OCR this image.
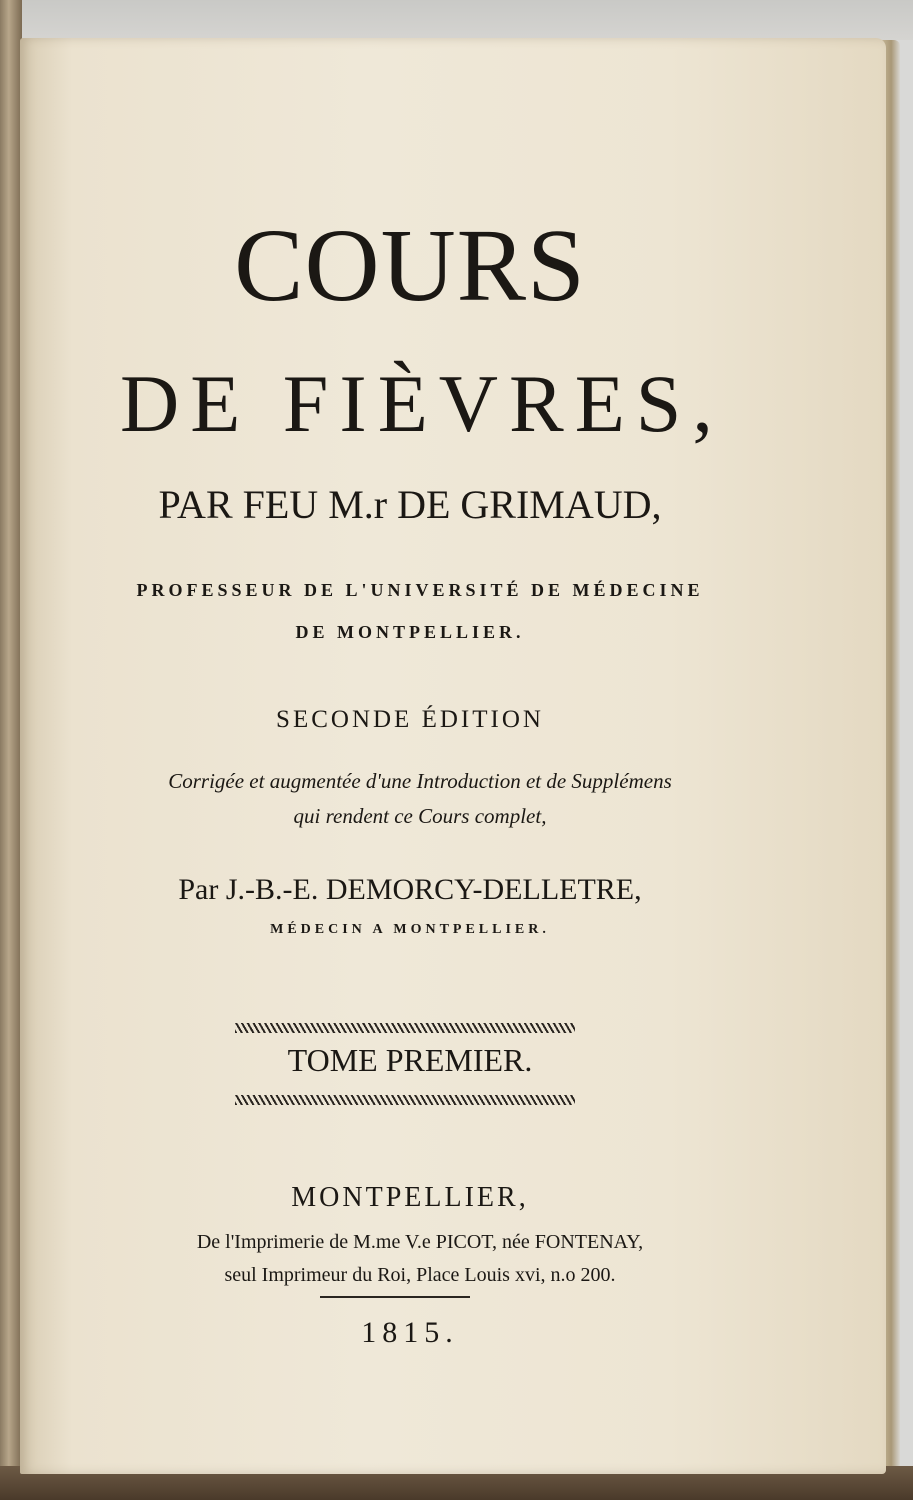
COURS
DE FIÈVRES,
PAR FEU M.r DE GRIMAUD,
PROFESSEUR DE L'UNIVERSITÉ DE MÉDECINE
DE MONTPELLIER.
SECONDE ÉDITION
Corrigée et augmentée d'une Introduction et de Supplémens
qui rendent ce Cours complet,
Par J.-B.-E. DEMORCY-DELLETRE,
MÉDECIN A MONTPELLIER.
TOME PREMIER.
MONTPELLIER,
De l'Imprimerie de M.me V.e PICOT, née FONTENAY,
seul Imprimeur du Roi, Place Louis xvi, n.o 200.
1815.
